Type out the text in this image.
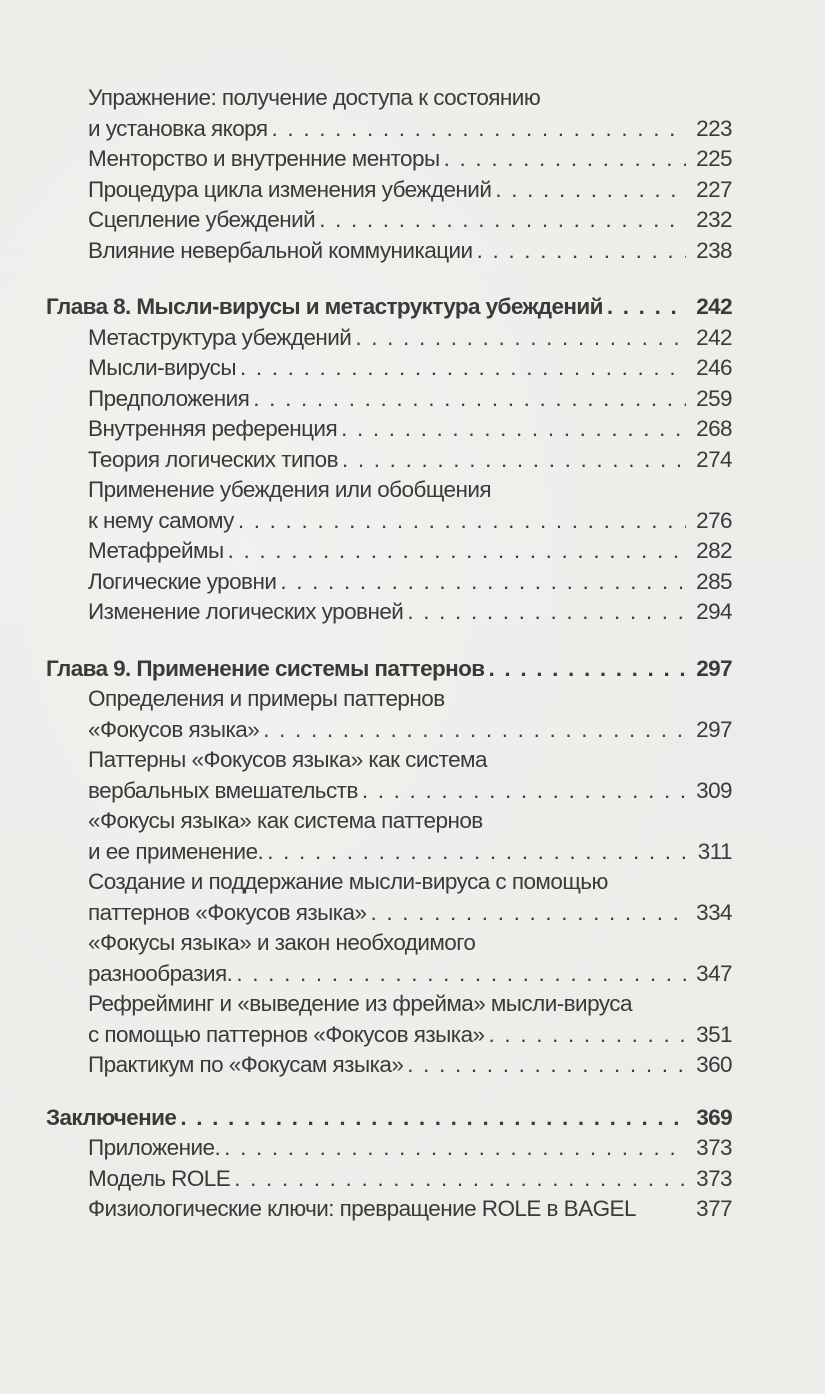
Упражнение: получение доступа к состоянию
и установка якоря . . .	223
Менторство и внутренние менторы . . .	225
Процедура цикла изменения убеждений . . .	227
Сцепление убеждений . . .	232
Влияние невербальной коммуникации . . .	238
Глава 8. Мысли-вирусы и метаструктура убеждений . . .	242
Метаструктура убеждений . . .	242
Мысли-вирусы . . .	246
Предположения . . .	259
Внутренняя референция . . .	268
Теория логических типов . . .	274
Применение убеждения или обобщения
к нему самому . . .	276
Метафреймы . . .	282
Логические уровни . . .	285
Изменение логических уровней . . .	294
Глава 9. Применение системы паттернов . . .	297
Определения и примеры паттернов
«Фокусов языка» . . .	297
Паттерны «Фокусов языка» как система
вербальных вмешательств . . .	309
«Фокусы языка» как система паттернов
и ее применение. . . .	311
Создание и поддержание мысли-вируса с помощью
паттернов «Фокусов языка» . . .	334
«Фокусы языка» и закон необходимого
разнообразия. . . .	347
Рефрейминг и «выведение из фрейма» мысли-вируса
с помощью паттернов «Фокусов языка» . . .	351
Практикум по «Фокусам языка» . . .	360
Заключение . . .	369
Приложение. . . .	373
Модель ROLE . . .	373
Физиологические ключи: превращение ROLE в BAGEL	377
